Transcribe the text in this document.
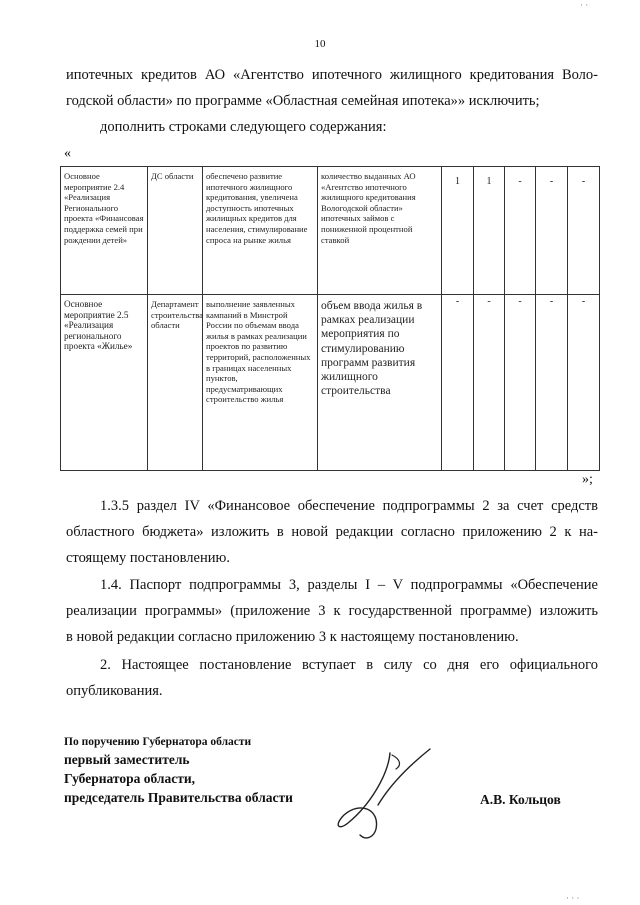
· ·
10
ипотечных кредитов АО «Агентство ипотечного жилищного кредитования Воло-
годской области» по программе «Областная семейная ипотека»» исключить;
дополнить строками следующего содержания:
«
Основное мероприятие 2.4 «Реализация Регионального проекта «Финансовая поддержка семей при рождении детей»	ДС области	обеспечено развитие ипотечного жилищного кредитования, увеличена доступность ипотечных жилищных кредитов для населения, стимулирование спроса на рынке жилья	количество выданных АО «Агентство ипотечного жилищного кредитования Вологодской области» ипотечных займов с пониженной процентной ставкой	1	1	-	-	-
Основное мероприятие 2.5 «Реализация регионального проекта «Жилье»	Департамент строительства области	выполнение заявленных кампаний в Минстрой России по объемам ввода жилья в рамках реализации проектов по развитию территорий, расположенных в границах населенных пунктов, предусматривающих строительство жилья	объем ввода жилья в рамках реализации мероприятия по стимулированию программ развития жилищного строительства	-	-	-	-	-
»;
1.3.5 раздел IV «Финансовое обеспечение подпрограммы 2 за счет средств
областного бюджета» изложить в новой редакции согласно приложению 2 к на-
стоящему постановлению.
1.4. Паспорт подпрограммы 3, разделы I – V подпрограммы «Обеспечение
реализации программы» (приложение 3 к государственной программе) изложить
в новой редакции согласно приложению 3 к настоящему постановлению.
2. Настоящее постановление вступает в силу со дня его официального
опубликования.
По поручению Губернатора области
первый заместитель
Губернатора области,
председатель Правительства области	А.В. Кольцов
· · ·
